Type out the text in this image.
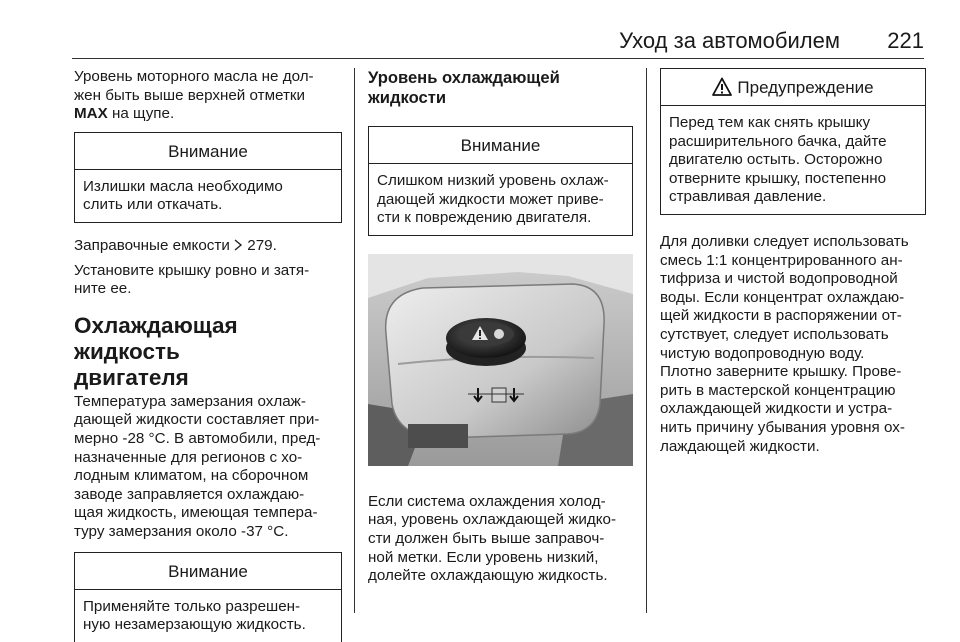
Уход за автомобилем 221

Уровень моторного масла не дол-
жен быть выше верхней отметки
MAX на щупе.

Внимание
Излишки масла необходимо
слить или откачать.

Заправочные емкости  279.

Установите крышку ровно и затя-
ните ее.

Охлаждающая жидкость
двигателя

Температура замерзания охлаж-
дающей жидкости составляет при-
мерно -28 °C. В автомобили, пред-
назначенные для регионов с хо-
лодным климатом, на сборочном
заводе заправляется охлаждаю-
щая жидкость, имеющая темпера-
туру замерзания около -37 °C.

Внимание
Применяйте только разрешен-
ную незамерзающую жидкость.
Уровень охлаждающей
жидкости
Внимание
Слишком низкий уровень охлаж-
дающей жидкости может приве-
сти к повреждению двигателя.

Если система охлаждения холод-
ная, уровень охлаждающей жидко-
сти должен быть выше заправоч-
ной метки. Если уровень низкий,
долейте охлаждающую жидкость.

Предупреждение
Перед тем как снять крышку
расширительного бачка, дайте
двигателю остыть. Осторожно
отверните крышку, постепенно
стравливая давление.

Для доливки следует использовать
смесь 1:1 концентрированного ан-
тифриза и чистой водопроводной
воды. Если концентрат охлаждаю-
щей жидкости в распоряжении от-
сутствует, следует использовать
чистую водопроводную воду.
Плотно заверните крышку. Прове-
рить в мастерской концентрацию
охлаждающей жидкости и устра-
нить причину убывания уровня ох-
лаждающей жидкости.
